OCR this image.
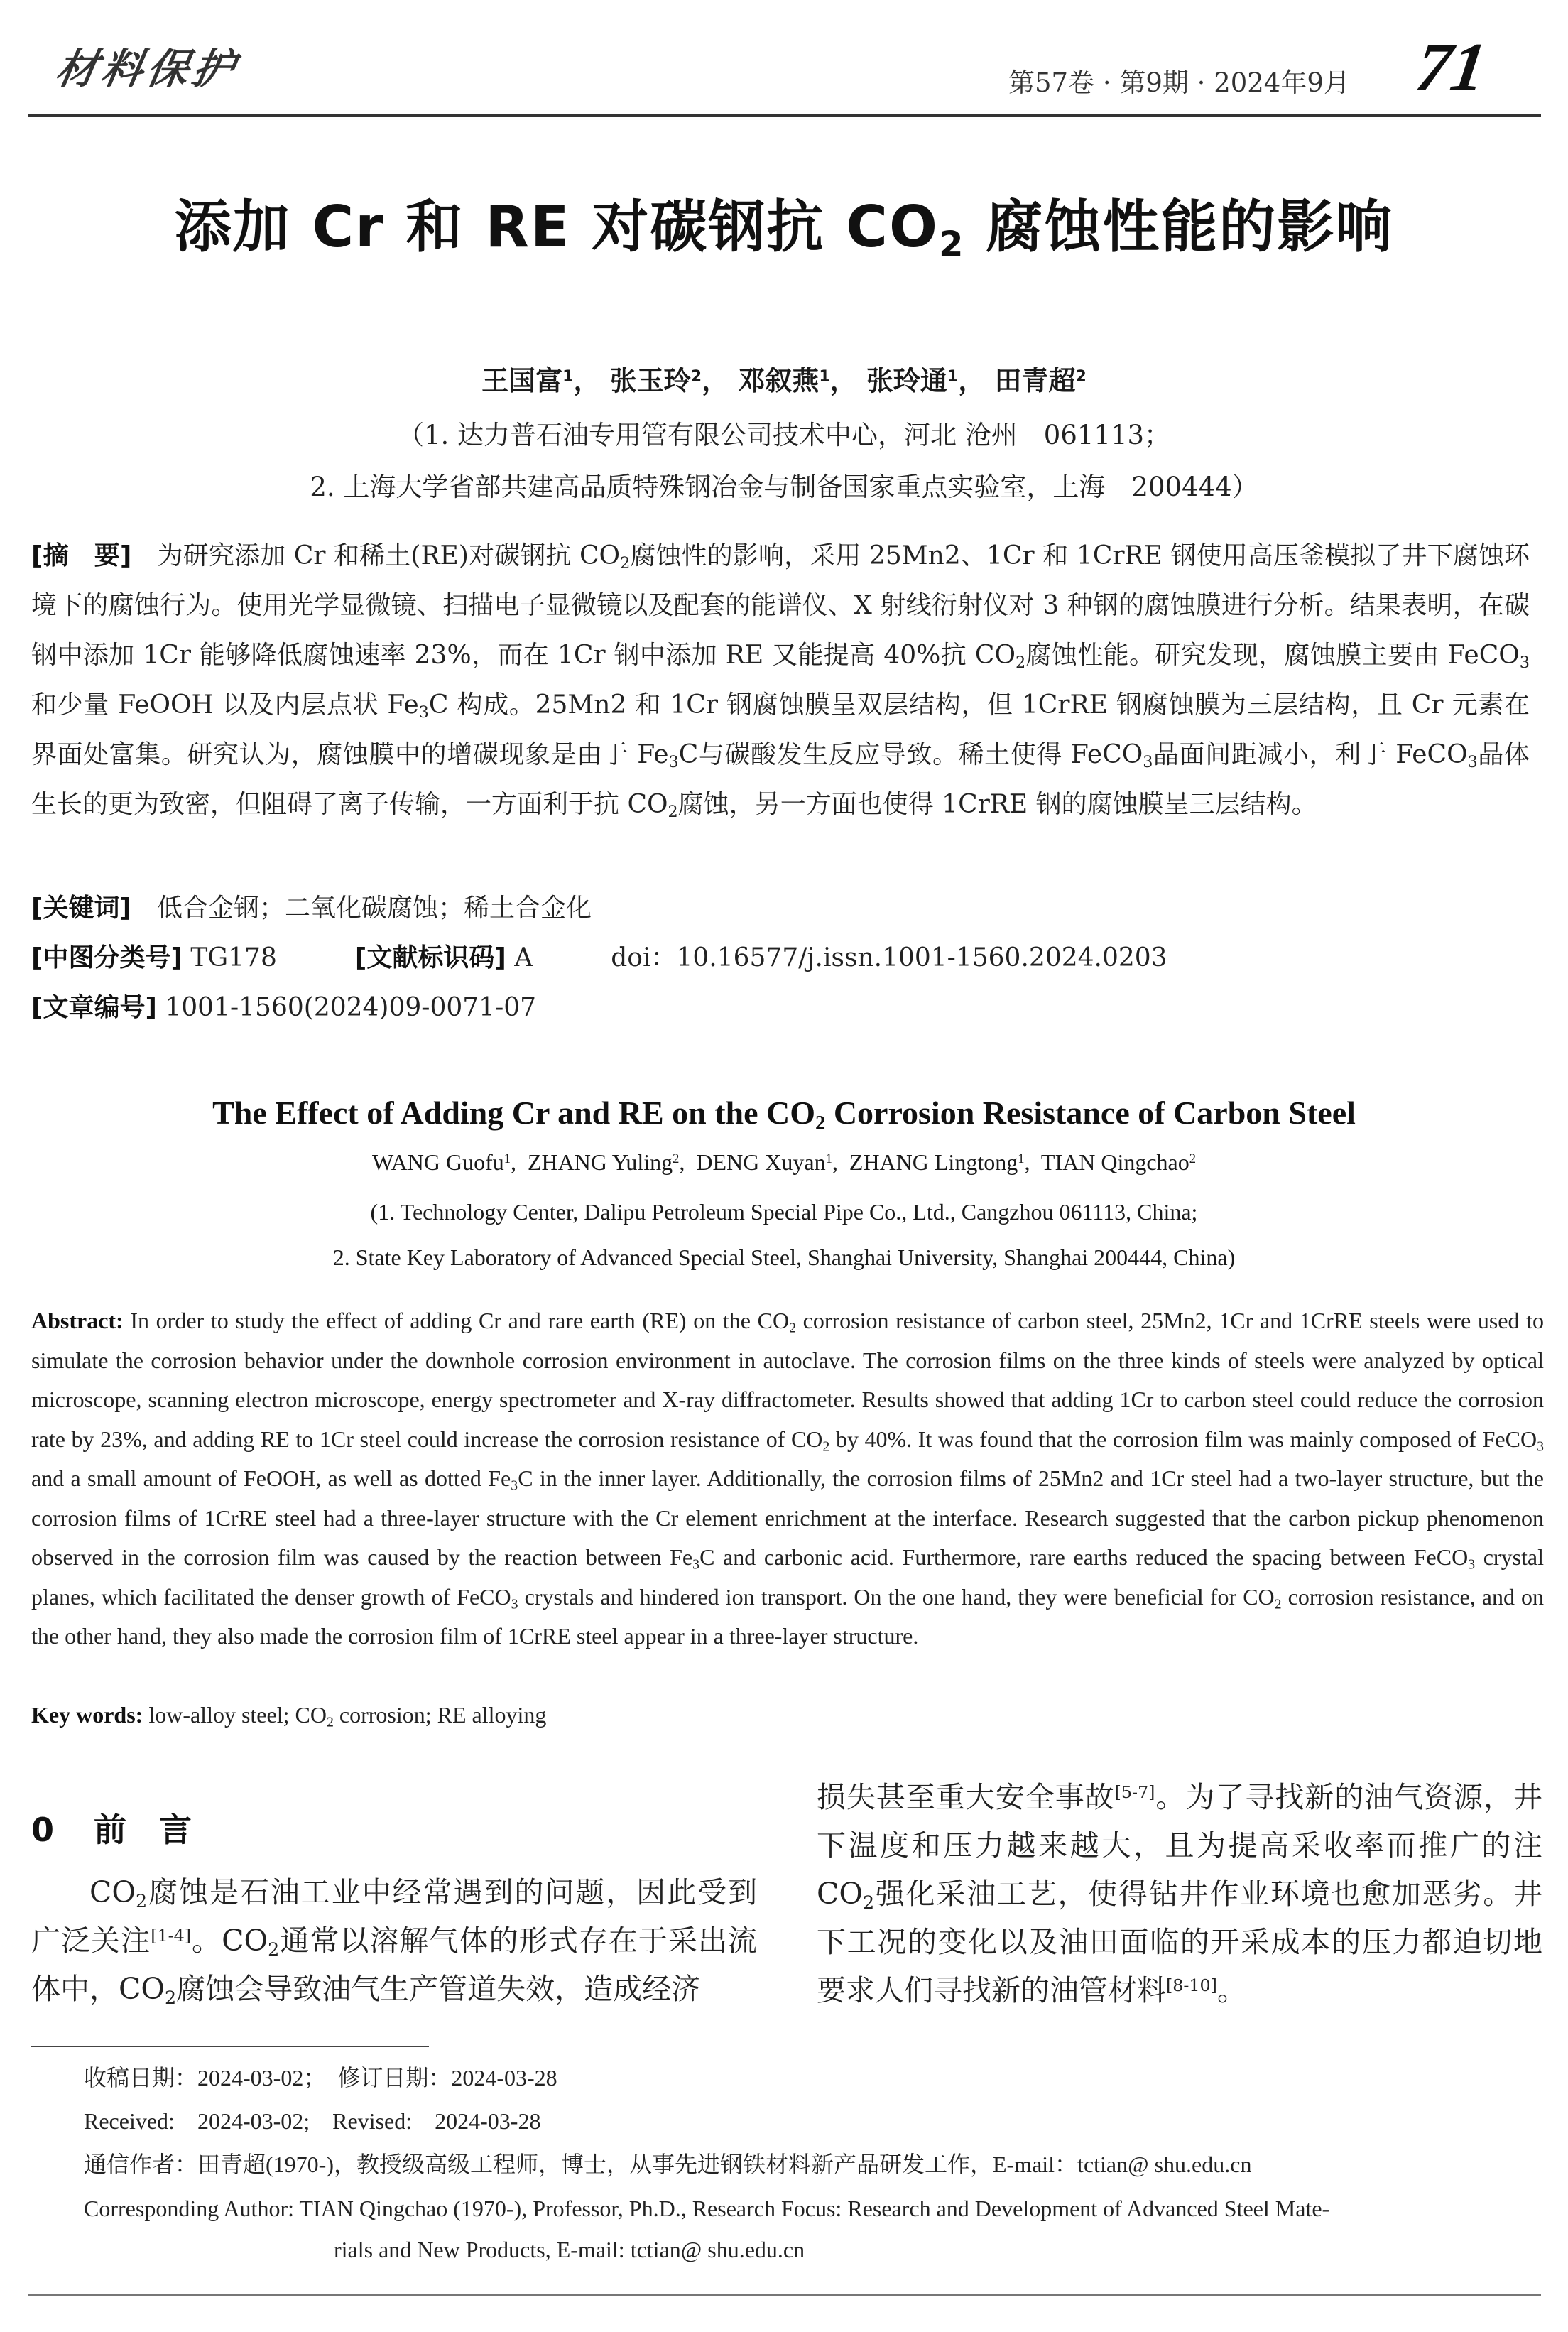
材料保护	第57卷 · 第9期 · 2024年9月 71
添加 Cr 和 RE 对碳钢抗 $CO_2$ 腐蚀性能的影响
王国富$^1$， 张玉玲$^2$， 邓叙燕$^1$， 张玲通$^1$， 田青超$^2$
（1. 达力普石油专用管有限公司技术中心，河北 沧州　061113；
2. 上海大学省部共建高品质特殊钢冶金与制备国家重点实验室，上海　200444）
[摘　要]　 为研究添加 Cr 和稀土(RE)对碳钢抗 $CO_2$腐蚀性的影响，采用 25Mn2、1Cr 和 1CrRE 钢使用高压釜模拟了井下腐蚀环境下的腐蚀行为。使用光学显微镜、扫描电子显微镜以及配套的能谱仪、X 射线衍射仪对 3 种钢的腐蚀膜进行分析。结果表明，在碳钢中添加 1Cr 能够降低腐蚀速率 23%，而在 1Cr 钢中添加 RE 又能提高 40%抗 $CO_2$腐蚀性能。研究发现，腐蚀膜主要由 FeCO$_3$和少量 FeOOH 以及内层点状 $Fe_3C$ 构成。25Mn2 和 1Cr 钢腐蚀膜呈双层结构，但 1CrRE 钢腐蚀膜为三层结构，且 Cr 元素在界面处富集。研究认为，腐蚀膜中的增碳现象是由于 $Fe_3C$与碳酸发生反应导致。稀土使得 FeCO$_3$晶面间距减小，利于 FeCO$_3$晶体生长的更为致密，但阻碍了离子传输，一方面利于抗 $CO_2$腐蚀，另一方面也使得 1CrRE 钢的腐蚀膜呈三层结构。
[关键词]　 低合金钢；二氧化碳腐蚀；稀土合金化
[中图分类号] TG178	[文献标识码] A	doi：10.16577/j.issn.1001-1560.2024.0203
[文章编号] 1001-1560(2024)09-0071-07
The Effect of Adding Cr and RE on the $CO_2$ Corrosion Resistance of Carbon Steel
WANG Guofu$^1$,  ZHANG Yuling$^2$,  DENG Xuyan$^1$,  ZHANG Lingtong$^1$,  TIAN Qingchao$^2$
(1. Technology Center, Dalipu Petroleum Special Pipe Co., Ltd., Cangzhou 061113, China;
2. State Key Laboratory of Advanced Special Steel, Shanghai University, Shanghai 200444, China)
Abstract: In order to study the effect of adding Cr and rare earth (RE) on the $CO_2$ corrosion resistance of carbon steel, 25Mn2, 1Cr and 1CrRE steels were used to simulate the corrosion behavior under the downhole corrosion environment in autoclave. The corrosion films on the three kinds of steels were analyzed by optical microscope, scanning electron microscope, energy spectrometer and X-ray diffractometer. Results showed that adding 1Cr to carbon steel could reduce the corrosion rate by 23%, and adding RE to 1Cr steel could increase the corrosion resistance of $CO_2$ by 40%. It was found that the corrosion film was mainly composed of FeCO$_3$ and a small amount of FeOOH, as well as dotted $Fe_3C$ in the inner layer. Additionally, the corrosion films of 25Mn2 and 1Cr steel had a two-layer structure, but the corrosion films of 1CrRE steel had a three-layer structure with the Cr element enrichment at the interface. Research suggested that the carbon pickup phenomenon observed in the corrosion film was caused by the reaction between $Fe_3C$ and carbonic acid. Furthermore, rare earths reduced the spacing between FeCO$_3$ crystal planes, which facilitated the denser growth of FeCO$_3$ crystals and hindered ion transport. On the one hand, they were beneficial for $CO_2$ corrosion resistance, and on the other hand, they also made the corrosion film of 1CrRE steel appear in a three-layer structure.
Key words: low-alloy steel; $CO_2$ corrosion; RE alloying
0 前　言
$CO_2$腐蚀是石油工业中经常遇到的问题，因此受到广泛关注[1-4]。$CO_2$通常以溶解气体的形式存在于采出流体中，$CO_2$腐蚀会导致油气生产管道失效，造成经济
损失甚至重大安全事故[5-7]。为了寻找新的油气资源，井下温度和压力越来越大，且为提高采收率而推广的注 $CO_2$强化采油工艺，使得钻井作业环境也愈加恶劣。井下工况的变化以及油田面临的开采成本的压力都迫切地要求人们寻找新的油管材料[8-10]。
收稿日期：2024-03-02；　修订日期：2024-03-28
Received:　2024-03-02;　Revised:　2024-03-28
通信作者：田青超(1970-)，教授级高级工程师，博士，从事先进钢铁材料新产品研发工作，E-mail：tctian@ shu.edu.cn
Corresponding Author: TIAN Qingchao (1970-), Professor, Ph.D., Research Focus: Research and Development of Advanced Steel Mate-
rials and New Products, E-mail: tctian@ shu.edu.cn
